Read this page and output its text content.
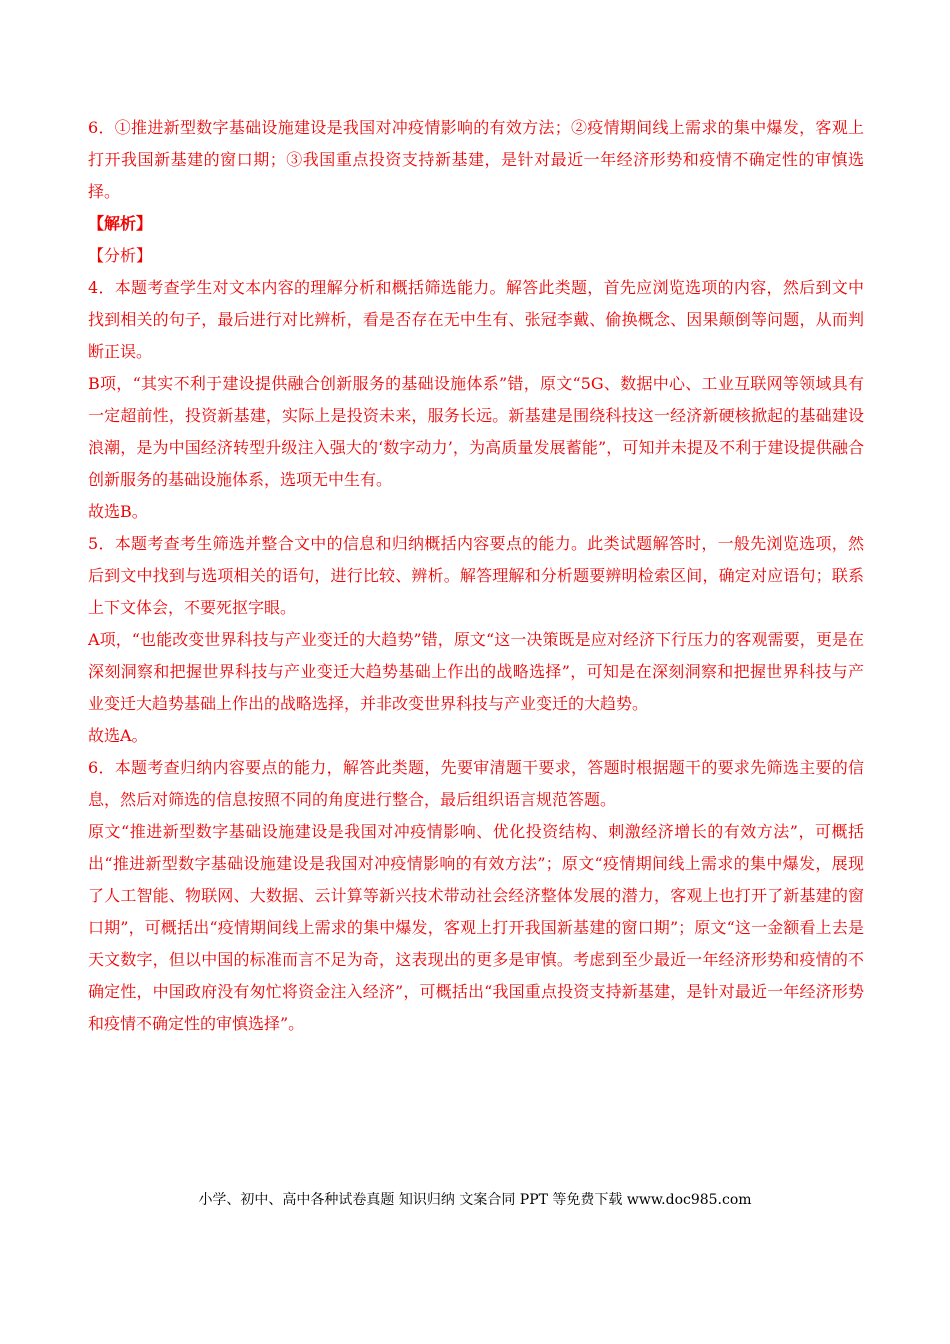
6．①推进新型数字基础设施建设是我国对冲疫情影响的有效方法；②疫情期间线上需求的集中爆发，客观上打开我国新基建的窗口期；③我国重点投资支持新基建，是针对最近一年经济形势和疫情不确定性的审慎选择。

【解析】

【分析】

4．本题考查学生对文本内容的理解分析和概括筛选能力。解答此类题，首先应浏览选项的内容，然后到文中找到相关的句子，最后进行对比辨析，看是否存在无中生有、张冠李戴、偷换概念、因果颠倒等问题，从而判断正误。

B项，“其实不利于建设提供融合创新服务的基础设施体系”错，原文“5G、数据中心、工业互联网等领域具有一定超前性，投资新基建，实际上是投资未来，服务长远。新基建是围绕科技这一经济新硬核掀起的基础建设浪潮，是为中国经济转型升级注入强大的‘数字动力’，为高质量发展蓄能”，可知并未提及不利于建设提供融合创新服务的基础设施体系，选项无中生有。

故选B。

5．本题考查考生筛选并整合文中的信息和归纳概括内容要点的能力。此类试题解答时，一般先浏览选项，然后到文中找到与选项相关的语句，进行比较、辨析。解答理解和分析题要辨明检索区间，确定对应语句；联系上下文体会，不要死抠字眼。

A项，“也能改变世界科技与产业变迁的大趋势”错，原文“这一决策既是应对经济下行压力的客观需要，更是在深刻洞察和把握世界科技与产业变迁大趋势基础上作出的战略选择”，可知是在深刻洞察和把握世界科技与产业变迁大趋势基础上作出的战略选择，并非改变世界科技与产业变迁的大趋势。

故选A。

6．本题考查归纳内容要点的能力，解答此类题，先要审清题干要求，答题时根据题干的要求先筛选主要的信息，然后对筛选的信息按照不同的角度进行整合，最后组织语言规范答题。

原文“推进新型数字基础设施建设是我国对冲疫情影响、优化投资结构、刺激经济增长的有效方法”，可概括出“推进新型数字基础设施建设是我国对冲疫情影响的有效方法”；原文“疫情期间线上需求的集中爆发，展现了人工智能、物联网、大数据、云计算等新兴技术带动社会经济整体发展的潜力，客观上也打开了新基建的窗口期”，可概括出“疫情期间线上需求的集中爆发，客观上打开我国新基建的窗口期”；原文“这一金额看上去是天文数字，但以中国的标准而言不足为奇，这表现出的更多是审慎。考虑到至少最近一年经济形势和疫情的不确定性，中国政府没有匆忙将资金注入经济”，可概括出“我国重点投资支持新基建，是针对最近一年经济形势和疫情不确定性的审慎选择”。

小学、初中、高中各种试卷真题 知识归纳 文案合同 PPT 等免费下载 www.doc985.com
